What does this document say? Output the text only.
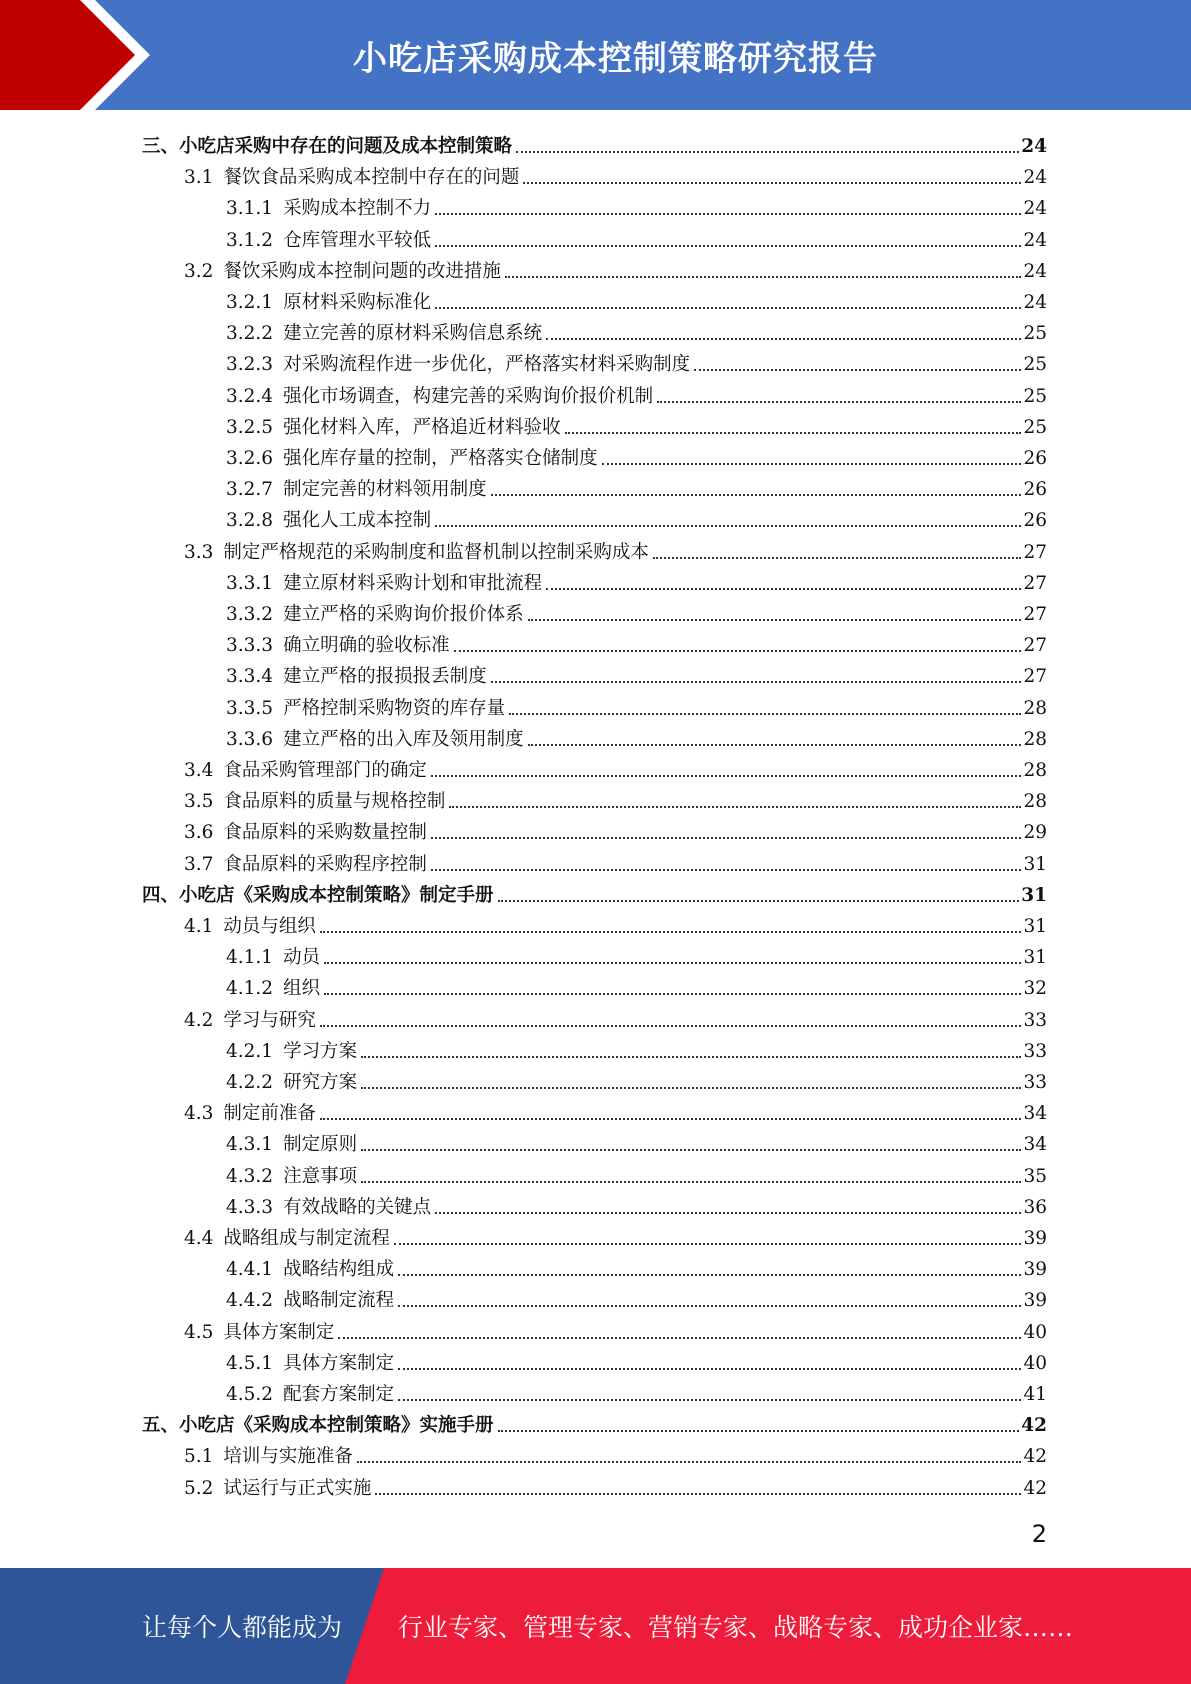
小吃店采购成本控制策略研究报告
三、小吃店采购中存在的问题及成本控制策略	24
3.1 餐饮食品采购成本控制中存在的问题	24
3.1.1 采购成本控制不力	24
3.1.2 仓库管理水平较低	24
3.2 餐饮采购成本控制问题的改进措施	24
3.2.1 原材料采购标准化	24
3.2.2 建立完善的原材料采购信息系统	25
3.2.3 对采购流程作进一步优化，严格落实材料采购制度	25
3.2.4 强化市场调查，构建完善的采购询价报价机制	25
3.2.5 强化材料入库，严格追近材料验收	25
3.2.6 强化库存量的控制，严格落实仓储制度	26
3.2.7 制定完善的材料领用制度	26
3.2.8 强化人工成本控制	26
3.3 制定严格规范的采购制度和监督机制以控制采购成本	27
3.3.1 建立原材料采购计划和审批流程	27
3.3.2 建立严格的采购询价报价体系	27
3.3.3 确立明确的验收标准	27
3.3.4 建立严格的报损报丢制度	27
3.3.5 严格控制采购物资的库存量	28
3.3.6 建立严格的出入库及领用制度	28
3.4 食品采购管理部门的确定	28
3.5 食品原料的质量与规格控制	28
3.6 食品原料的采购数量控制	29
3.7 食品原料的采购程序控制	31
四、小吃店《采购成本控制策略》制定手册	31
4.1 动员与组织	31
4.1.1 动员	31
4.1.2 组织	32
4.2 学习与研究	33
4.2.1 学习方案	33
4.2.2 研究方案	33
4.3 制定前准备	34
4.3.1 制定原则	34
4.3.2 注意事项	35
4.3.3 有效战略的关键点	36
4.4 战略组成与制定流程	39
4.4.1 战略结构组成	39
4.4.2 战略制定流程	39
4.5 具体方案制定	40
4.5.1 具体方案制定	40
4.5.2 配套方案制定	41
五、小吃店《采购成本控制策略》实施手册	42
5.1 培训与实施准备	42
5.2 试运行与正式实施	42
2
让每个人都能成为 行业专家、管理专家、营销专家、战略专家、成功企业家……
